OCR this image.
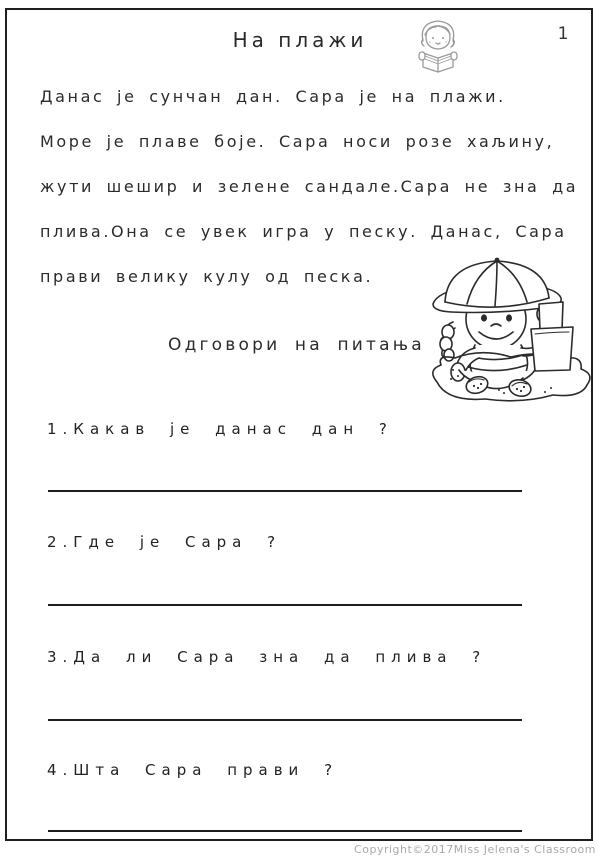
На плажи	1
Данас је сунчан дан. Сара је на плажи.
Море је плаве боје. Сара носи розе хаљину,
жути шешир и зелене сандале.Сара не зна да
плива.Она се увек игра у песку. Данас, Сара
прави велику кулу од песка.
Одговори на питања
1.Какав је данас дан ?
2.Где је Сара ?
3.Да ли Сара зна да плива ?
4.Шта Сара прави ?
Copyright©2017Miss Jelena's Classroom
